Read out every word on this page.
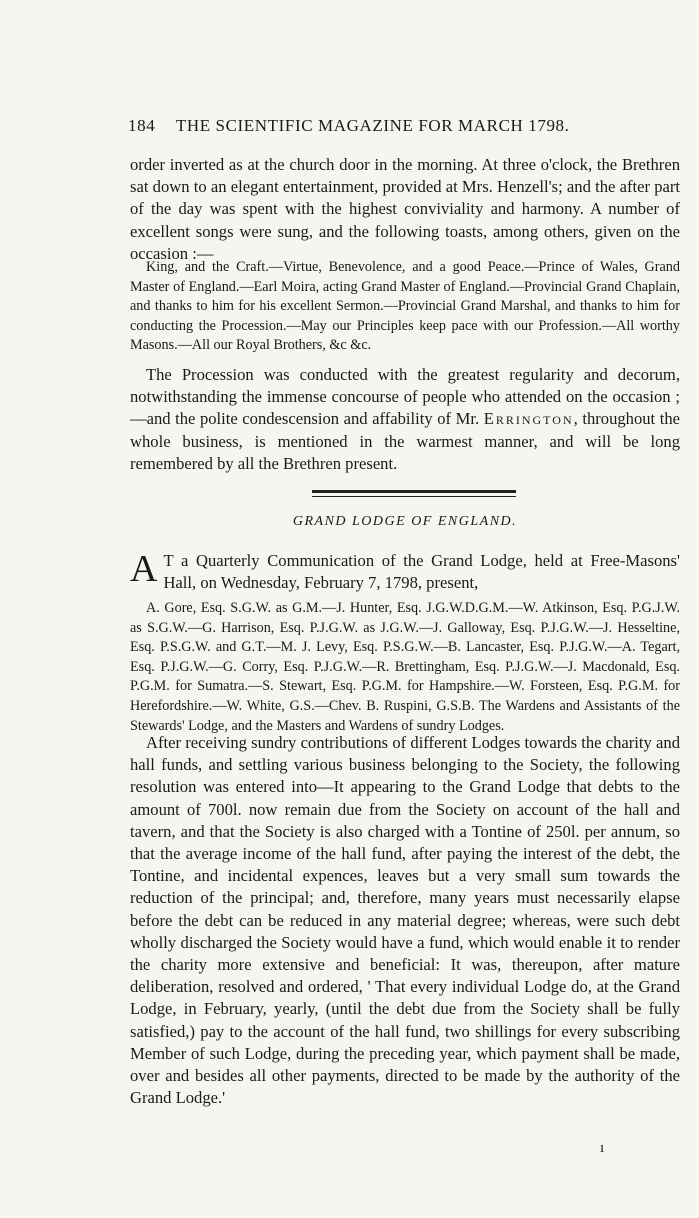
184 THE SCIENTIFIC MAGAZINE FOR MARCH 1798.
order inverted as at the church door in the morning. At three o'clock, the Brethren sat down to an elegant entertainment, provided at Mrs. Henzell's; and the after part of the day was spent with the highest conviviality and harmony. A number of excellent songs were sung, and the following toasts, among others, given on the occasion :—
King, and the Craft.—Virtue, Benevolence, and a good Peace.—Prince of Wales, Grand Master of England.—Earl Moira, acting Grand Master of England.—Provincial Grand Chaplain, and thanks to him for his excellent Sermon.—Provincial Grand Marshal, and thanks to him for conducting the Procession.—May our Principles keep pace with our Profession.—All worthy Masons.—All our Royal Brothers, &c &c.
The Procession was conducted with the greatest regularity and decorum, notwithstanding the immense concourse of people who attended on the occasion ;—and the polite condescension and affability of Mr. Errington, throughout the whole business, is mentioned in the warmest manner, and will be long remembered by all the Brethren present.
GRAND LODGE OF ENGLAND.
A T a Quarterly Communication of the Grand Lodge, held at Free-Masons' Hall, on Wednesday, February 7, 1798, present,
A. Gore, Esq. S.G.W. as G.M.—J. Hunter, Esq. J.G.W.D.G.M.—W. Atkinson, Esq. P.G.J.W. as S.G.W.—G. Harrison, Esq. P.J.G.W. as J.G.W.—J. Galloway, Esq. P.J.G.W.—J. Hesseltine, Esq. P.S.G.W. and G.T.—M. J. Levy, Esq. P.S.G.W.—B. Lancaster, Esq. P.J.G.W.—A. Tegart, Esq. P.J.G.W.—G. Corry, Esq. P.J.G.W.—R. Brettingham, Esq. P.J.G.W.—J. Macdonald, Esq. P.G.M. for Sumatra.—S. Stewart, Esq. P.G.M. for Hampshire.—W. Forsteen, Esq. P.G.M. for Herefordshire.—W. White, G.S.—Chev. B. Ruspini, G.S.B. The Wardens and Assistants of the Stewards' Lodge, and the Masters and Wardens of sundry Lodges.
After receiving sundry contributions of different Lodges towards the charity and hall funds, and settling various business belonging to the Society, the following resolution was entered into—It appearing to the Grand Lodge that debts to the amount of 700l. now remain due from the Society on account of the hall and tavern, and that the Society is also charged with a Tontine of 250l. per annum, so that the average income of the hall fund, after paying the interest of the debt, the Tontine, and incidental expences, leaves but a very small sum towards the reduction of the principal; and, therefore, many years must necessarily elapse before the debt can be reduced in any material degree; whereas, were such debt wholly discharged the Society would have a fund, which would enable it to render the charity more extensive and beneficial: It was, thereupon, after mature deliberation, resolved and ordered, ' That every individual Lodge do, at the Grand Lodge, in February, yearly, (until the debt due from the Society shall be fully satisfied,) pay to the account of the hall fund, two shillings for every subscribing Member of such Lodge, during the preceding year, which payment shall be made, over and besides all other payments, directed to be made by the authority of the Grand Lodge.'
ı
